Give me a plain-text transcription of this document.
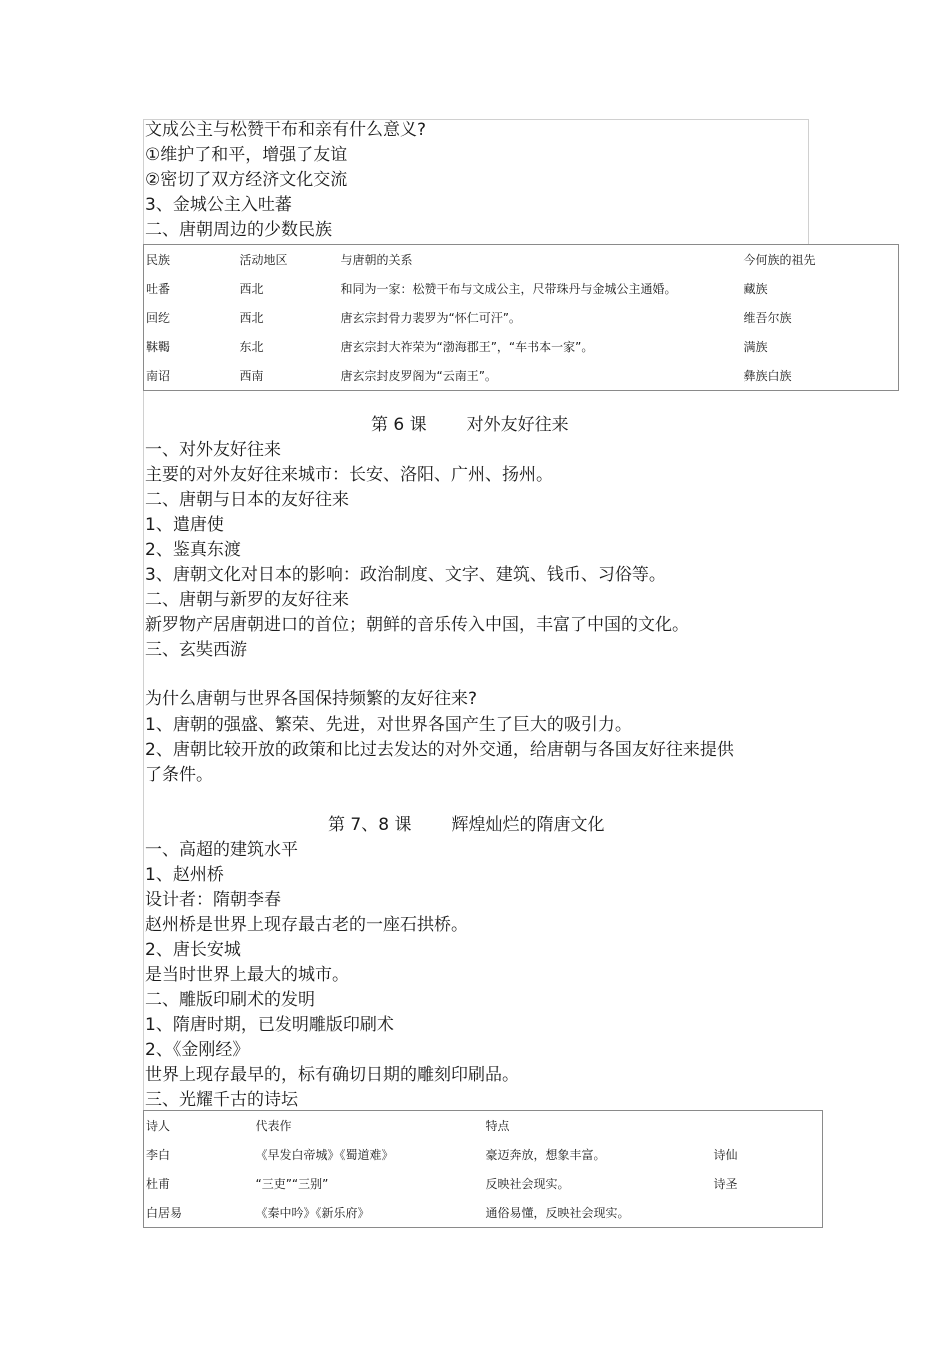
文成公主与松赞干布和亲有什么意义?
①维护了和平，增强了友谊
②密切了双方经济文化交流
3、金城公主入吐蕃
二、唐朝周边的少数民族
民族	活动地区	与唐朝的关系	今何族的祖先
吐番	西北	和同为一家：松赞干布与文成公主，尺带珠丹与金城公主通婚。	藏族
回纥	西北	唐玄宗封骨力裴罗为“怀仁可汗”。	维吾尔族
靺鞨	东北	唐玄宗封大祚荣为“渤海郡王”，“车书本一家”。	满族
南诏	西南	唐玄宗封皮罗阁为“云南王”。	彝族白族
第 6 课 对外友好往来
一、对外友好往来
主要的对外友好往来城市：长安、洛阳、广州、扬州。
二、唐朝与日本的友好往来
1、遣唐使
2、鉴真东渡
3、唐朝文化对日本的影响：政治制度、文字、建筑、钱币、习俗等。
二、唐朝与新罗的友好往来
新罗物产居唐朝进口的首位；朝鲜的音乐传入中国，丰富了中国的文化。
三、玄奘西游
为什么唐朝与世界各国保持频繁的友好往来?
1、唐朝的强盛、繁荣、先进，对世界各国产生了巨大的吸引力。
2、唐朝比较开放的政策和比过去发达的对外交通，给唐朝与各国友好往来提供
了条件。
第 7、8 课 辉煌灿烂的隋唐文化
一、高超的建筑水平
1、赵州桥
设计者：隋朝李春
赵州桥是世界上现存最古老的一座石拱桥。
2、唐长安城
是当时世界上最大的城市。
二、雕版印刷术的发明
1、隋唐时期，已发明雕版印刷术
2、《金刚经》
世界上现存最早的，标有确切日期的雕刻印刷品。
三、光耀千古的诗坛
诗人	代表作	特点	
李白	《早发白帝城》《蜀道难》	豪迈奔放，想象丰富。	诗仙
杜甫	“三吏”“三别”	反映社会现实。	诗圣
白居易	《秦中吟》《新乐府》	通俗易懂，反映社会现实。	
